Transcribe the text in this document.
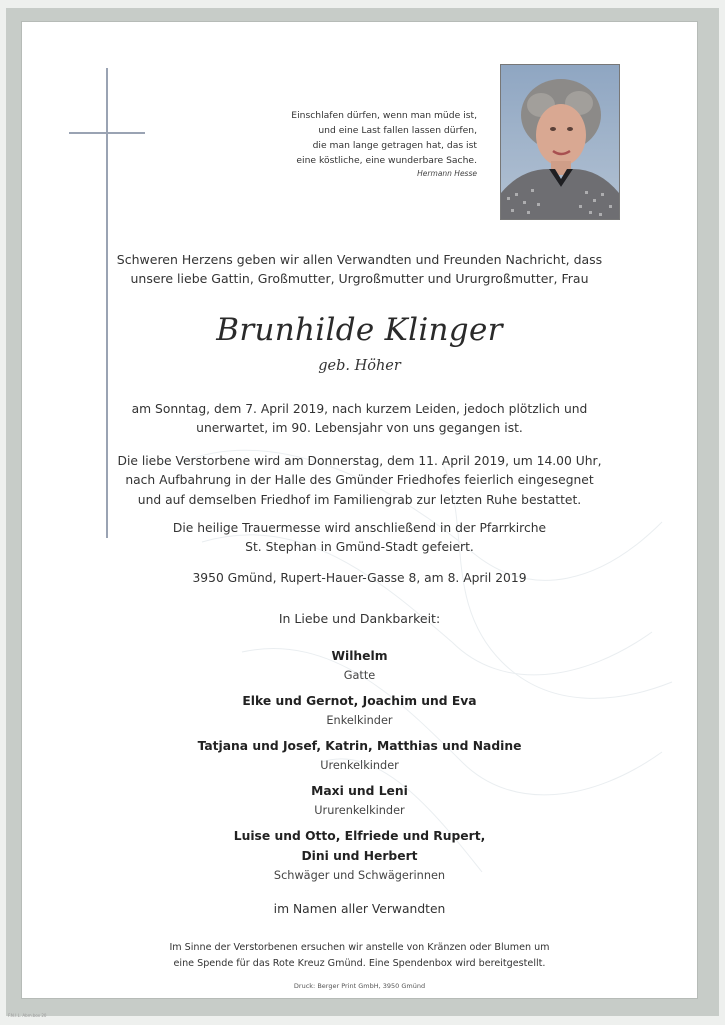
Einschlafen dürfen, wenn man müde ist,
und eine Last fallen lassen dürfen,
die man lange getragen hat, das ist
eine köstliche, eine wunderbare Sache.
Hermann Hesse
Schweren Herzens geben wir allen Verwandten und Freunden Nachricht, dass
unsere liebe Gattin, Großmutter, Urgroßmutter und Ururgroßmutter, Frau
Brunhilde Klinger
geb. Höher
am Sonntag, dem 7. April 2019, nach kurzem Leiden, jedoch plötzlich und
unerwartet, im 90. Lebensjahr von uns gegangen ist.
Die liebe Verstorbene wird am Donnerstag, dem 11. April 2019, um 14.00 Uhr,
nach Aufbahrung in der Halle des Gmünder Friedhofes feierlich eingesegnet
und auf demselben Friedhof im Familiengrab zur letzten Ruhe bestattet.
Die heilige Trauermesse wird anschließend in der Pfarrkirche
St. Stephan in Gmünd-Stadt gefeiert.
3950 Gmünd, Rupert-Hauer-Gasse 8, am 8. April 2019
In Liebe und Dankbarkeit:
Wilhelm
Gatte
Elke und Gernot, Joachim und Eva
Enkelkinder
Tatjana und Josef, Katrin, Matthias und Nadine
Urenkelkinder
Maxi und Leni
Ururenkelkinder
Luise und Otto, Elfriede und Rupert,
Dini und Herbert
Schwäger und Schwägerinnen
im Namen aller Verwandten
Im Sinne der Verstorbenen ersuchen wir anstelle von Kränzen oder Blumen um
eine Spende für das Rote Kreuz Gmünd. Eine Spendenbox wird bereitgestellt.
Druck: Berger Print GmbH, 3950 Gmünd
F.N.I.L. Abm.box 20
